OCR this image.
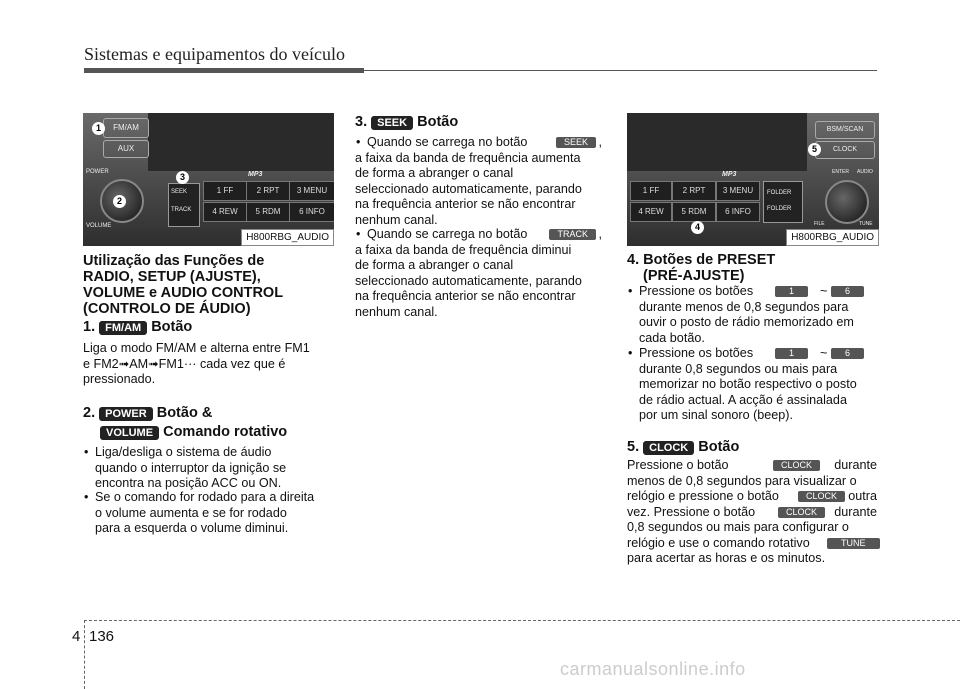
Sistemas e equipamentos do veículo
FM/AM
AUX
POWER
VOLUME
SEEK
TRACK
MP3
1 FF	2 RPT	3 MENU
4 REW	5 RDM	6 INFO
1
2
3
H800RBG_AUDIO
BSM/SCAN
CLOCK
ENTER AUDIO
FILE	TUNE
MP3
1 FF	2 RPT	3 MENU
4 REW	5 RDM	6 INFO
FOLDER
FOLDER
4
5
H800RBG_AUDIO
Utilização das Funções de
RADIO, SETUP (AJUSTE),
VOLUME e AUDIO CONTROL
(CONTROLO DE ÁUDIO)
1. FM/AM Botão

Liga o modo FM/AM e alterna entre FM1

e FM2➟AM➟FM1··· cada vez que é

pressionado.

2. POWER Botão &
VOLUME Comando rotativo

• Liga/desliga o sistema de áudio

quando o interruptor da ignição se

encontra na posição ACC ou ON.

• Se o comando for rodado para a direita

o volume aumenta e se for rodado

para a esquerda o volume diminui.

3. SEEK Botão

• Quando se carrega no botão	SEEK ,

a faixa da banda de frequência aumenta

de forma a abranger o canal

seleccionado automaticamente, parando

na frequência anterior se não encontrar

nenhum canal.

• Quando se carrega no botão	TRACK ,

a faixa da banda de frequência diminui

de forma a abranger o canal

seleccionado automaticamente, parando

na frequência anterior se não encontrar

nenhum canal.

4. Botões de PRESET
(PRÉ-AJUSTE)

• Pressione os botões	1	~	6

durante menos de 0,8 segundos para

ouvir o posto de rádio memorizado em

cada botão.

• Pressione os botões	1	~	6

durante 0,8 segundos ou mais para

memorizar no botão respectivo o posto

de rádio actual. A acção é assinalada

por um sinal sonoro (beep).

5. CLOCK Botão

Pressione o botão	CLOCK	durante

menos de 0,8 segundos para visualizar o

relógio e pressione o botão	CLOCK outra

vez. Pressione o botão	CLOCK	durante

0,8 segundos ou mais para configurar o

relógio e use o comando rotativo	TUNE

para acertar as horas e os minutos.

4 136
carmanualsonline.info
